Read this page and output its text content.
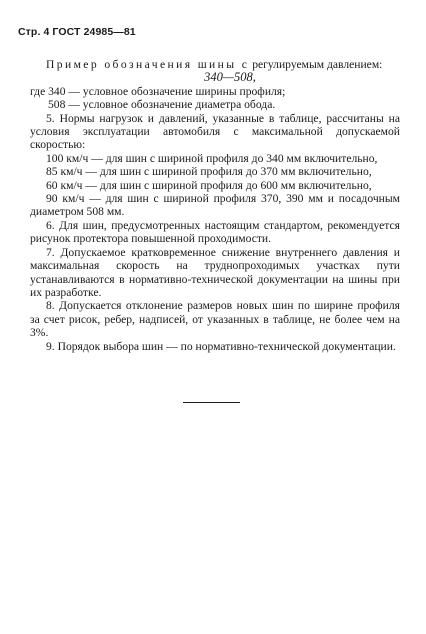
Стр. 4 ГОСТ 24985—81

Пример обозначения шины с регулируемым давлением:

340—508,

где 340 — условное обозначение ширины профиля;

508 — условное обозначение диаметра обода.

5. Нормы нагрузок и давлений, указанные в таблице, рассчитаны на условия эксплуатации автомобиля с максимальной допускаемой скоростью:

100 км/ч — для шин с шириной профиля до 340 мм включительно,

85 км/ч — для шин с шириной профиля до 370 мм включительно,

60 км/ч — для шин с шириной профиля до 600 мм включительно,

90 км/ч — для шин с шириной профиля 370, 390 мм и посадочным диаметром 508 мм.

6. Для шин, предусмотренных настоящим стандартом, рекомендуется рисунок протектора повышенной проходимости.

7. Допускаемое кратковременное снижение внутреннего давления и максимальная скорость на труднопроходимых участках пути устанавливаются в нормативно-технической документации на шины при их разработке.

8. Допускается отклонение размеров новых шин по ширине профиля за счет рисок, ребер, надписей, от указанных в таблице, не более чем на 3%.

9. Порядок выбора шин — по нормативно-технической документации.
